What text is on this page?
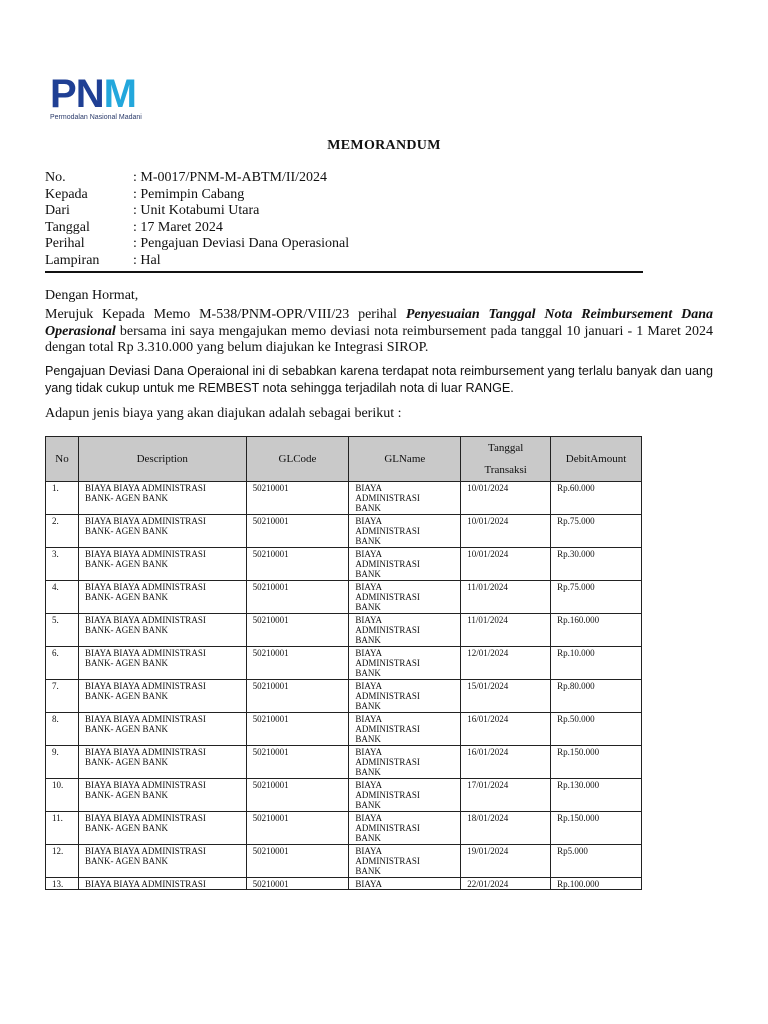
P N M
Permodalan Nasional Madani
MEMORANDUM
No.	: M-0017/PNM-M-ABTM/II/2024
Kepada	: Pemimpin Cabang
Dari	: Unit Kotabumi Utara
Tanggal	: 17 Maret 2024
Perihal	: Pengajuan Deviasi Dana Operasional
Lampiran	: Hal
Dengan Hormat,
Merujuk Kepada Memo M-538/PNM-OPR/VIII/23 perihal Penyesuaian Tanggal Nota Reimbursement Dana Operasional bersama ini saya mengajukan memo deviasi nota reimbursement pada tanggal 10 januari - 1 Maret 2024 dengan total Rp 3.310.000 yang belum diajukan ke Integrasi SIROP.
Pengajuan Deviasi Dana Operaional ini di sebabkan karena terdapat nota reimbursement yang terlalu banyak dan uang yang tidak cukup untuk me REMBEST nota sehingga terjadilah nota di luar RANGE.
Adapun jenis biaya yang akan diajukan adalah sebagai berikut :
No	Description	GLCode	GLName	Tanggal
Transaksi	DebitAmount
1.	BIAYA BIAYA ADMINISTRASI
BANK- AGEN BANK	50210001	BIAYA
ADMINISTRASI
BANK	10/01/2024	Rp.60.000
2.	BIAYA BIAYA ADMINISTRASI
BANK- AGEN BANK	50210001	BIAYA
ADMINISTRASI
BANK	10/01/2024	Rp.75.000
3.	BIAYA BIAYA ADMINISTRASI
BANK- AGEN BANK	50210001	BIAYA
ADMINISTRASI
BANK	10/01/2024	Rp.30.000
4.	BIAYA BIAYA ADMINISTRASI
BANK- AGEN BANK	50210001	BIAYA
ADMINISTRASI
BANK	11/01/2024	Rp.75.000
5.	BIAYA BIAYA ADMINISTRASI
BANK- AGEN BANK	50210001	BIAYA
ADMINISTRASI
BANK	11/01/2024	Rp.160.000
6.	BIAYA BIAYA ADMINISTRASI
BANK- AGEN BANK	50210001	BIAYA
ADMINISTRASI
BANK	12/01/2024	Rp.10.000
7.	BIAYA BIAYA ADMINISTRASI
BANK- AGEN BANK	50210001	BIAYA
ADMINISTRASI
BANK	15/01/2024	Rp.80.000
8.	BIAYA BIAYA ADMINISTRASI
BANK- AGEN BANK	50210001	BIAYA
ADMINISTRASI
BANK	16/01/2024	Rp.50.000
9.	BIAYA BIAYA ADMINISTRASI
BANK- AGEN BANK	50210001	BIAYA
ADMINISTRASI
BANK	16/01/2024	Rp.150.000
10.	BIAYA BIAYA ADMINISTRASI
BANK- AGEN BANK	50210001	BIAYA
ADMINISTRASI
BANK	17/01/2024	Rp.130.000
11.	BIAYA BIAYA ADMINISTRASI
BANK- AGEN BANK	50210001	BIAYA
ADMINISTRASI
BANK	18/01/2024	Rp.150.000
12.	BIAYA BIAYA ADMINISTRASI
BANK- AGEN BANK	50210001	BIAYA
ADMINISTRASI
BANK	19/01/2024	Rp5.000
13.	BIAYA BIAYA ADMINISTRASI	50210001	BIAYA	22/01/2024	Rp.100.000
